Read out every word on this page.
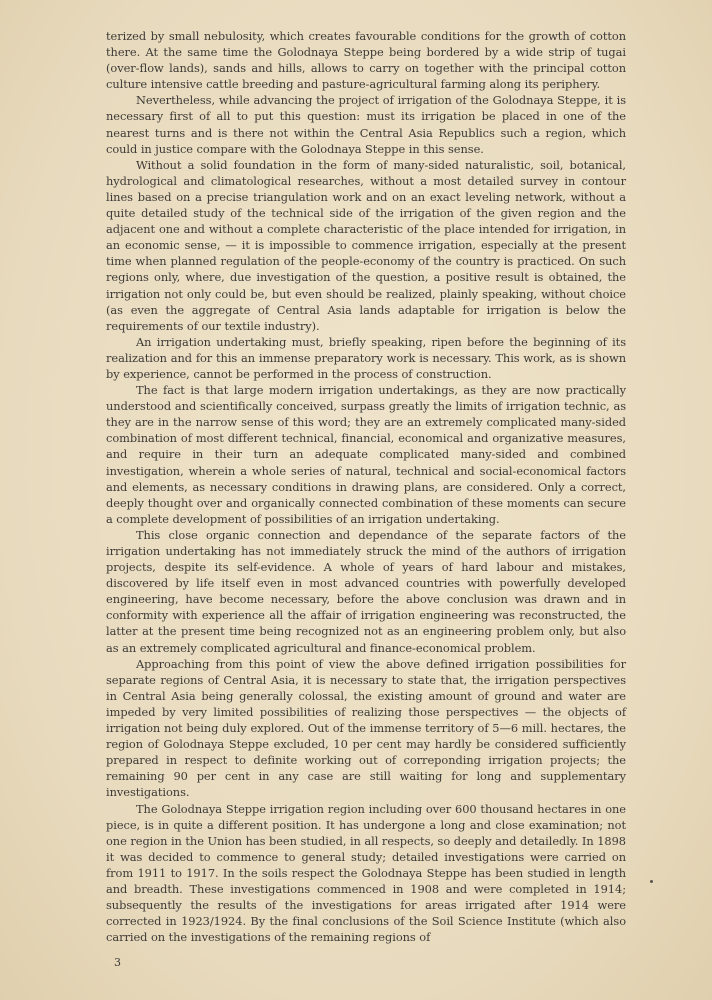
terized by small nebulosity, which creates favourable conditions for the growth of cotton there. At the same time the Golodnaya Steppe being bordered by a wide strip of tugai (over-flow lands), sands and hills, allows to carry on together with the principal cotton culture intensive cattle breeding and pasture-agricultural farming along its periphery.

Nevertheless, while advancing the project of irrigation of the Golodnaya Steppe, it is necessary first of all to put this question: must its irrigation be placed in one of the nearest turns and is there not within the Central Asia Republics such a region, which could in justice compare with the Golodnaya Steppe in this sense.

Without a solid foundation in the form of many-sided naturalistic, soil, botanical, hydrological and climatological researches, without a most detailed survey in contour lines based on a precise triangulation work and on an exact leveling network, without a quite detailed study of the technical side of the irrigation of the given region and the adjacent one and without a complete characteristic of the place intended for irrigation, in an economic sense, — it is impossible to commence irrigation, especially at the present time when planned regulation of the people-economy of the country is practiced. On such regions only, where, due investigation of the question, a positive result is obtained, the irrigation not only could be, but even should be realized, plainly speaking, without choice (as even the aggregate of Central Asia lands adaptable for irrigation is below the requirements of our textile industry).

An irrigation undertaking must, briefly speaking, ripen before the beginning of its realization and for this an immense preparatory work is necessary. This work, as is shown by experience, cannot be performed in the process of construction.

The fact is that large modern irrigation undertakings, as they are now practically understood and scientifically conceived, surpass greatly the limits of irrigation technic, as they are in the narrow sense of this word; they are an extremely complicated many-sided combination of most different technical, financial, economical and organizative measures, and require in their turn an adequate complicated many-sided and combined investigation, wherein a whole series of natural, technical and social-economical factors and elements, as necessary conditions in drawing plans, are considered. Only a correct, deeply thought over and organically connected combination of these moments can secure a complete development of possibilities of an irrigation undertaking.

This close organic connection and dependance of the separate factors of the irrigation undertaking has not immediately struck the mind of the authors of irrigation projects, despite its self-evidence. A whole of years of hard labour and mistakes, discovered by life itself even in most advanced countries with powerfully developed engineering, have become necessary, before the above conclusion was drawn and in conformity with experience all the affair of irrigation engineering was reconstructed, the latter at the present time being recognized not as an engineering problem only, but also as an extremely complicated agricultural and finance-economical problem.

Approaching from this point of view the above defined irrigation possibilities for separate regions of Central Asia, it is necessary to state that, the irrigation perspectives in Central Asia being generally colossal, the existing amount of ground and water are impeded by very limited possibilities of realizing those perspectives — the objects of irrigation not being duly explored. Out of the immense territory of 5—6 mill. hectares, the region of Golodnaya Steppe excluded, 10 per cent may hardly be considered sufficiently prepared in respect to definite working out of correponding irrigation projects; the remaining 90 per cent in any case are still waiting for long and supplementary investigations.

The Golodnaya Steppe irrigation region including over 600 thousand hectares in one piece, is in quite a different position. It has undergone a long and close examination; not one region in the Union has been studied, in all respects, so deeply and detailedly. In 1898 it was decided to commence to general study; detailed investigations were carried on from 1911 to 1917. In the soils respect the Golodnaya Steppe has been studied in length and breadth. These investigations commenced in 1908 and were completed in 1914; subsequently the results of the investigations for areas irrigated after 1914 were corrected in 1923/1924. By the final conclusions of the Soil Science Institute (which also carried on the investigations of the remaining regions of

3
